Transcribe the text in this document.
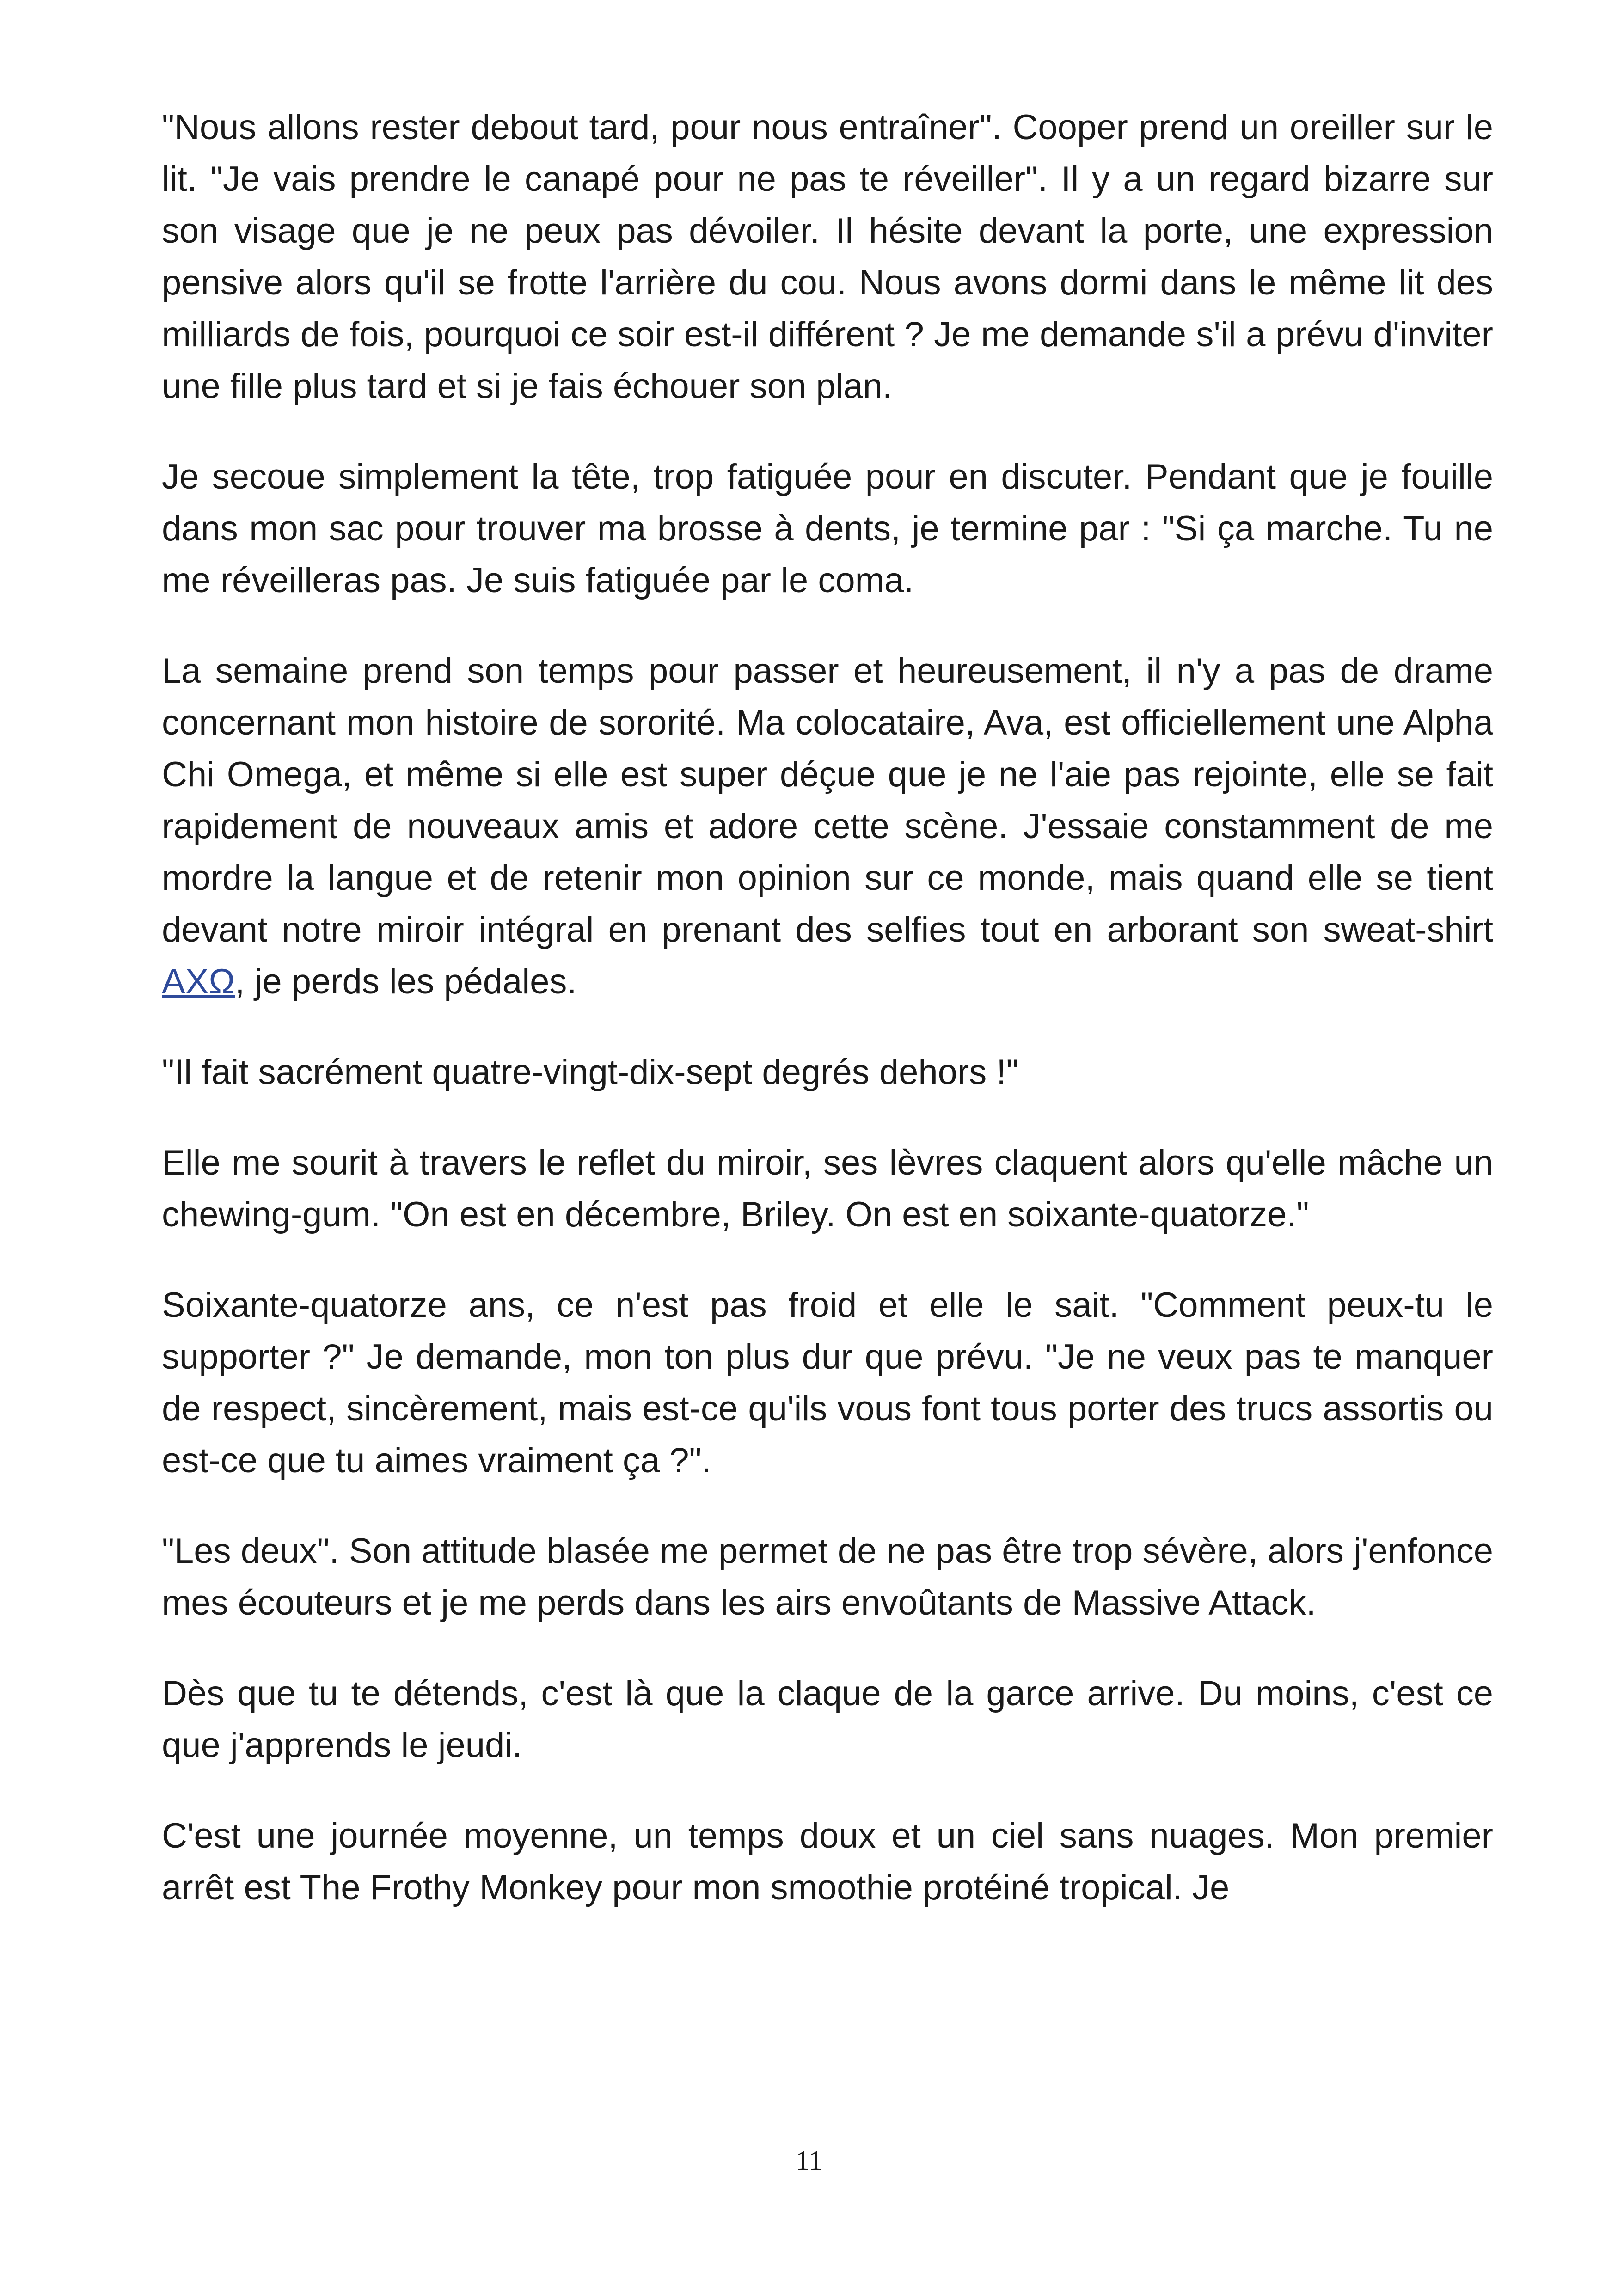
"Nous allons rester debout tard, pour nous entraîner". Cooper prend un oreiller sur le lit. "Je vais prendre le canapé pour ne pas te réveiller". Il y a un regard bizarre sur son visage que je ne peux pas dévoiler. Il hésite devant la porte, une expression pensive alors qu'il se frotte l'arrière du cou. Nous avons dormi dans le même lit des milliards de fois, pourquoi ce soir est-il différent ? Je me demande s'il a prévu d'inviter une fille plus tard et si je fais échouer son plan.

Je secoue simplement la tête, trop fatiguée pour en discuter. Pendant que je fouille dans mon sac pour trouver ma brosse à dents, je termine par : "Si ça marche. Tu ne me réveilleras pas. Je suis fatiguée par le coma.

La semaine prend son temps pour passer et heureusement, il n'y a pas de drame concernant mon histoire de sororité. Ma colocataire, Ava, est officiellement une Alpha Chi Omega, et même si elle est super déçue que je ne l'aie pas rejointe, elle se fait rapidement de nouveaux amis et adore cette scène. J'essaie constamment de me mordre la langue et de retenir mon opinion sur ce monde, mais quand elle se tient devant notre miroir intégral en prenant des selfies tout en arborant son sweat-shirt ΑΧΩ, je perds les pédales.

"Il fait sacrément quatre-vingt-dix-sept degrés dehors !"

Elle me sourit à travers le reflet du miroir, ses lèvres claquent alors qu'elle mâche un chewing-gum. "On est en décembre, Briley. On est en soixante-quatorze."

Soixante-quatorze ans, ce n'est pas froid et elle le sait. "Comment peux-tu le supporter ?" Je demande, mon ton plus dur que prévu. "Je ne veux pas te manquer de respect, sincèrement, mais est-ce qu'ils vous font tous porter des trucs assortis ou est-ce que tu aimes vraiment ça ?".

"Les deux". Son attitude blasée me permet de ne pas être trop sévère, alors j'enfonce mes écouteurs et je me perds dans les airs envoûtants de Massive Attack.

Dès que tu te détends, c'est là que la claque de la garce arrive. Du moins, c'est ce que j'apprends le jeudi.

C'est une journée moyenne, un temps doux et un ciel sans nuages. Mon premier arrêt est The Frothy Monkey pour mon smoothie protéiné tropical. Je

11
